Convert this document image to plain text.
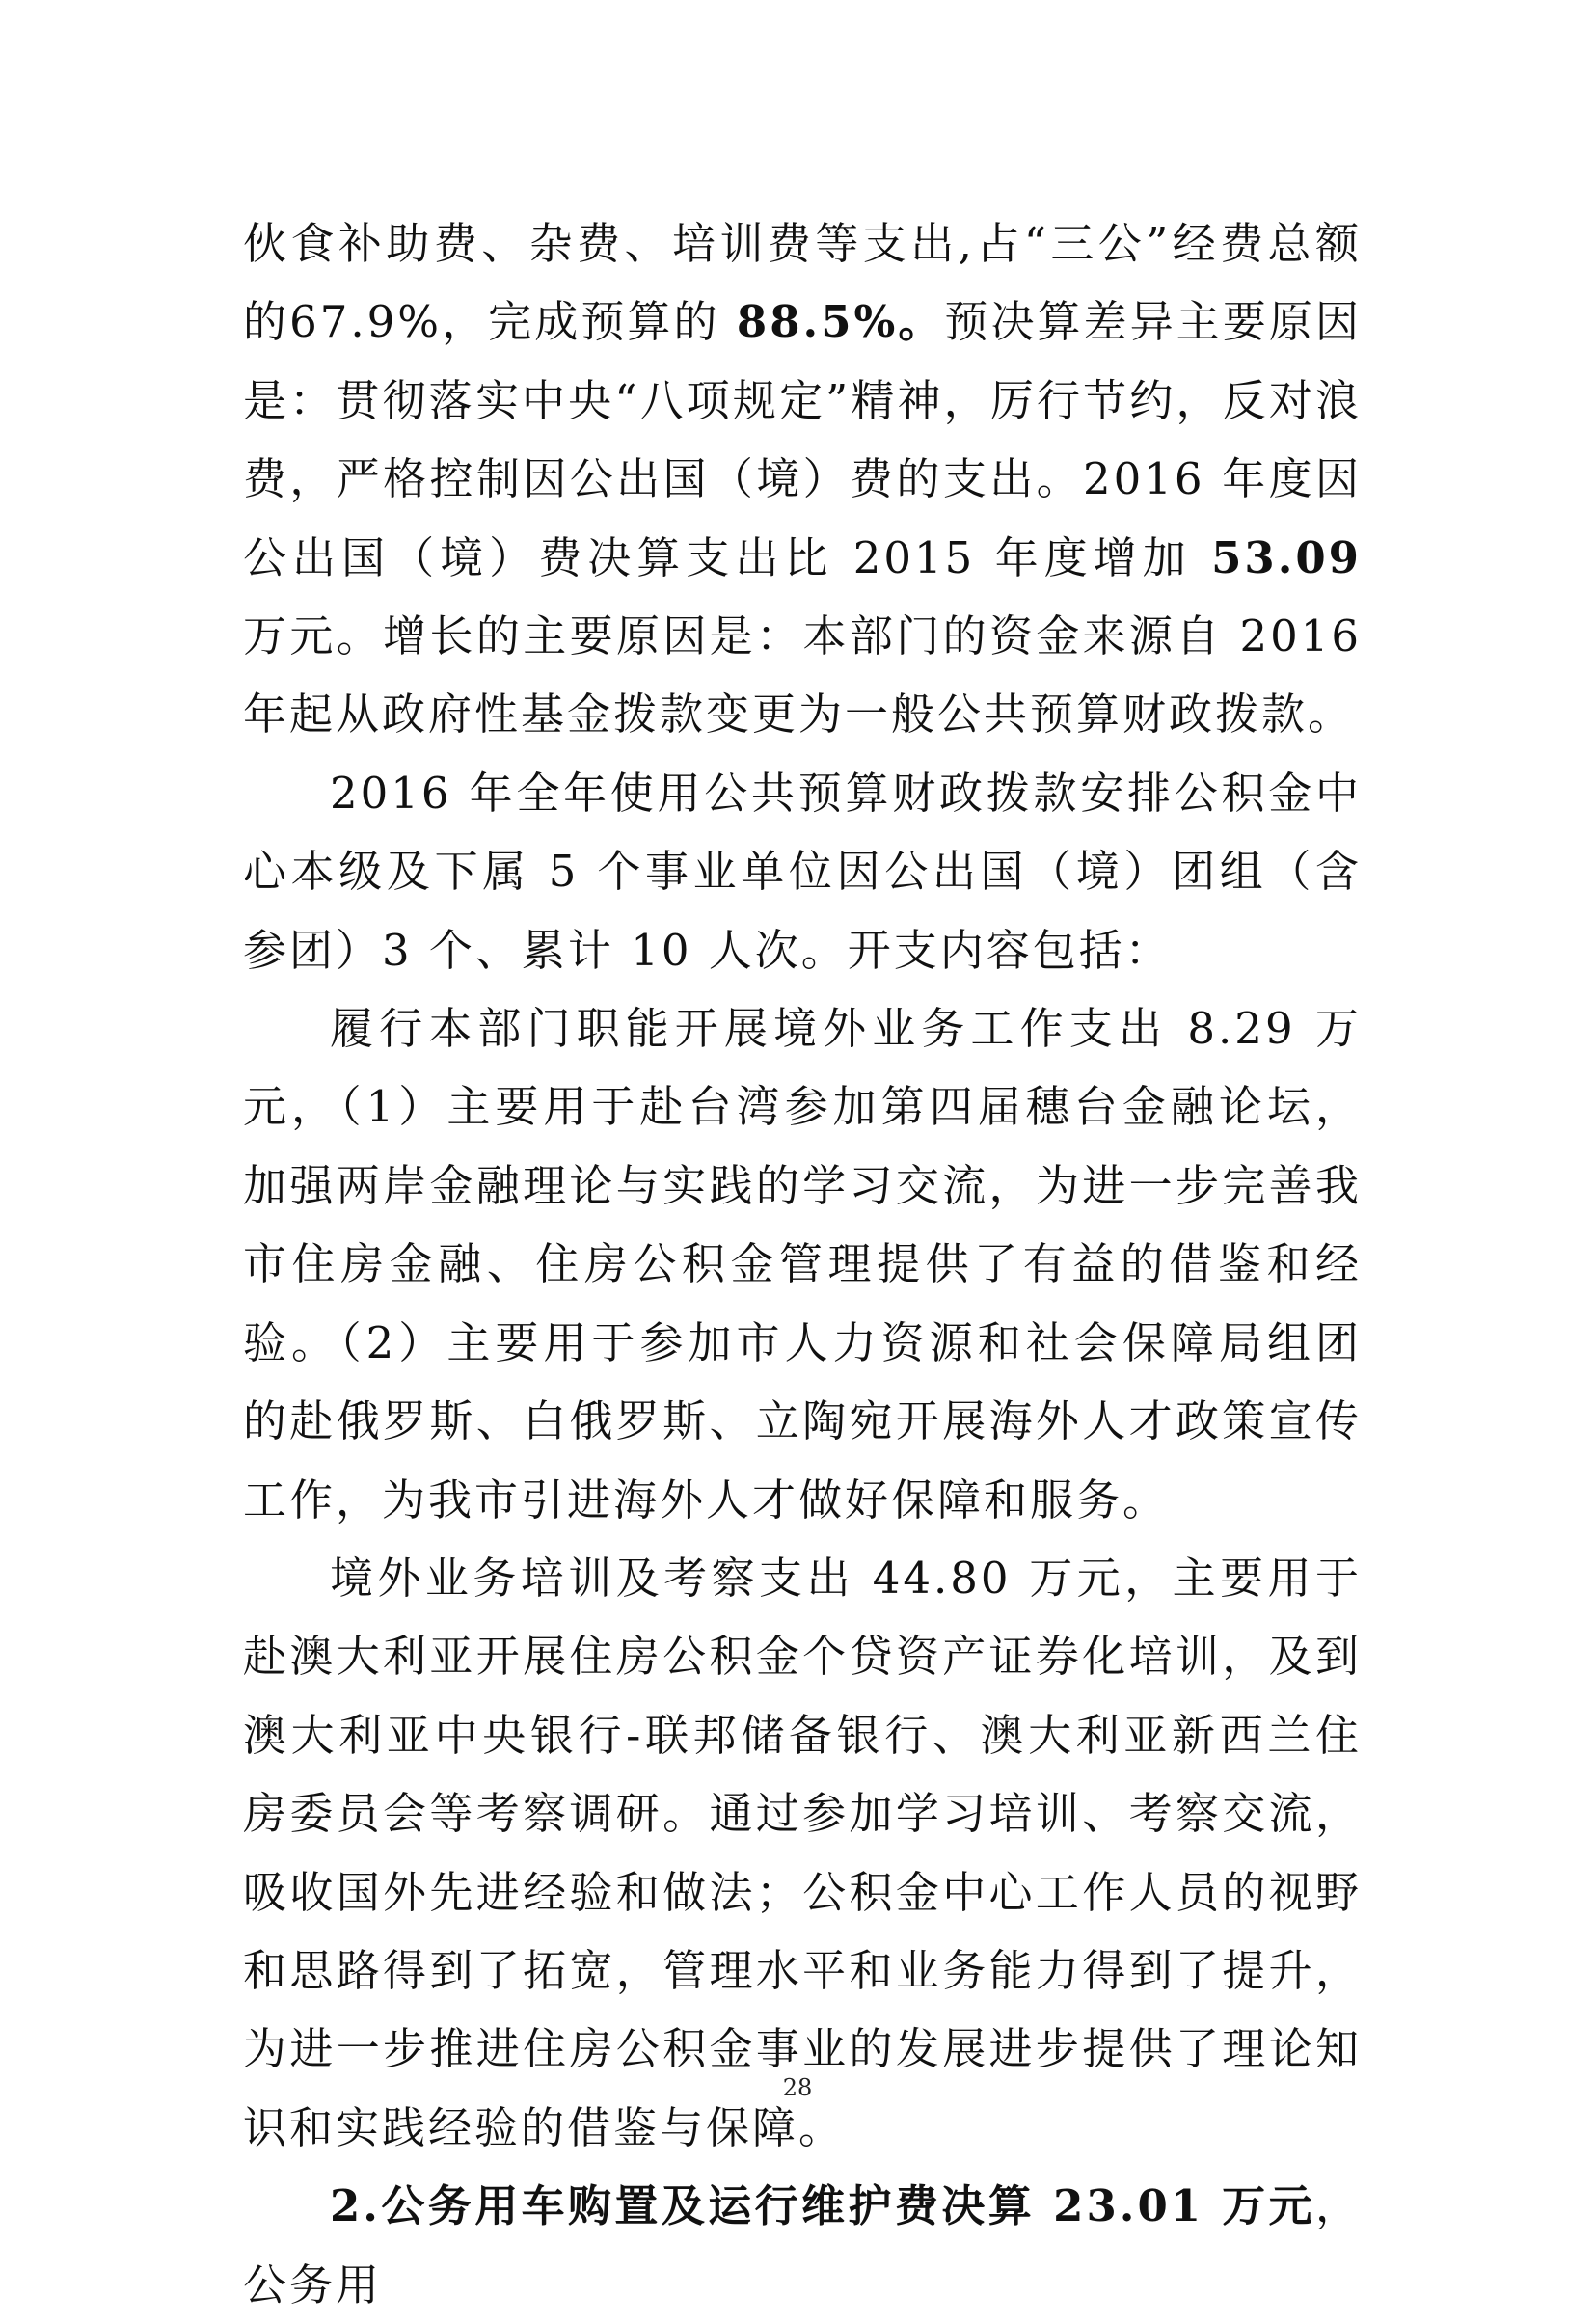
伙食补助费、杂费、培训费等支出,占“三公”经费总额的67.9%，完成预算的 88.5%。预决算差异主要原因是：贯彻落实中央“八项规定”精神，厉行节约，反对浪费，严格控制因公出国（境）费的支出。2016 年度因公出国（境）费决算支出比 2015 年度增加 53.09 万元。增长的主要原因是：本部门的资金来源自 2016 年起从政府性基金拨款变更为一般公共预算财政拨款。

2016 年全年使用公共预算财政拨款安排公积金中心本级及下属 5 个事业单位因公出国（境）团组（含参团）3 个、累计 10 人次。开支内容包括：

履行本部门职能开展境外业务工作支出 8.29 万元，（1）主要用于赴台湾参加第四届穗台金融论坛，加强两岸金融理论与实践的学习交流，为进一步完善我市住房金融、住房公积金管理提供了有益的借鉴和经验。（2）主要用于参加市人力资源和社会保障局组团的赴俄罗斯、白俄罗斯、立陶宛开展海外人才政策宣传工作，为我市引进海外人才做好保障和服务。

境外业务培训及考察支出 44.80 万元，主要用于赴澳大利亚开展住房公积金个贷资产证券化培训，及到澳大利亚中央银行-联邦储备银行、澳大利亚新西兰住房委员会等考察调研。通过参加学习培训、考察交流，吸收国外先进经验和做法；公积金中心工作人员的视野和思路得到了拓宽，管理水平和业务能力得到了提升，为进一步推进住房公积金事业的发展进步提供了理论知识和实践经验的借鉴与保障。

2.公务用车购置及运行维护费决算 23.01 万元，公务用

28
